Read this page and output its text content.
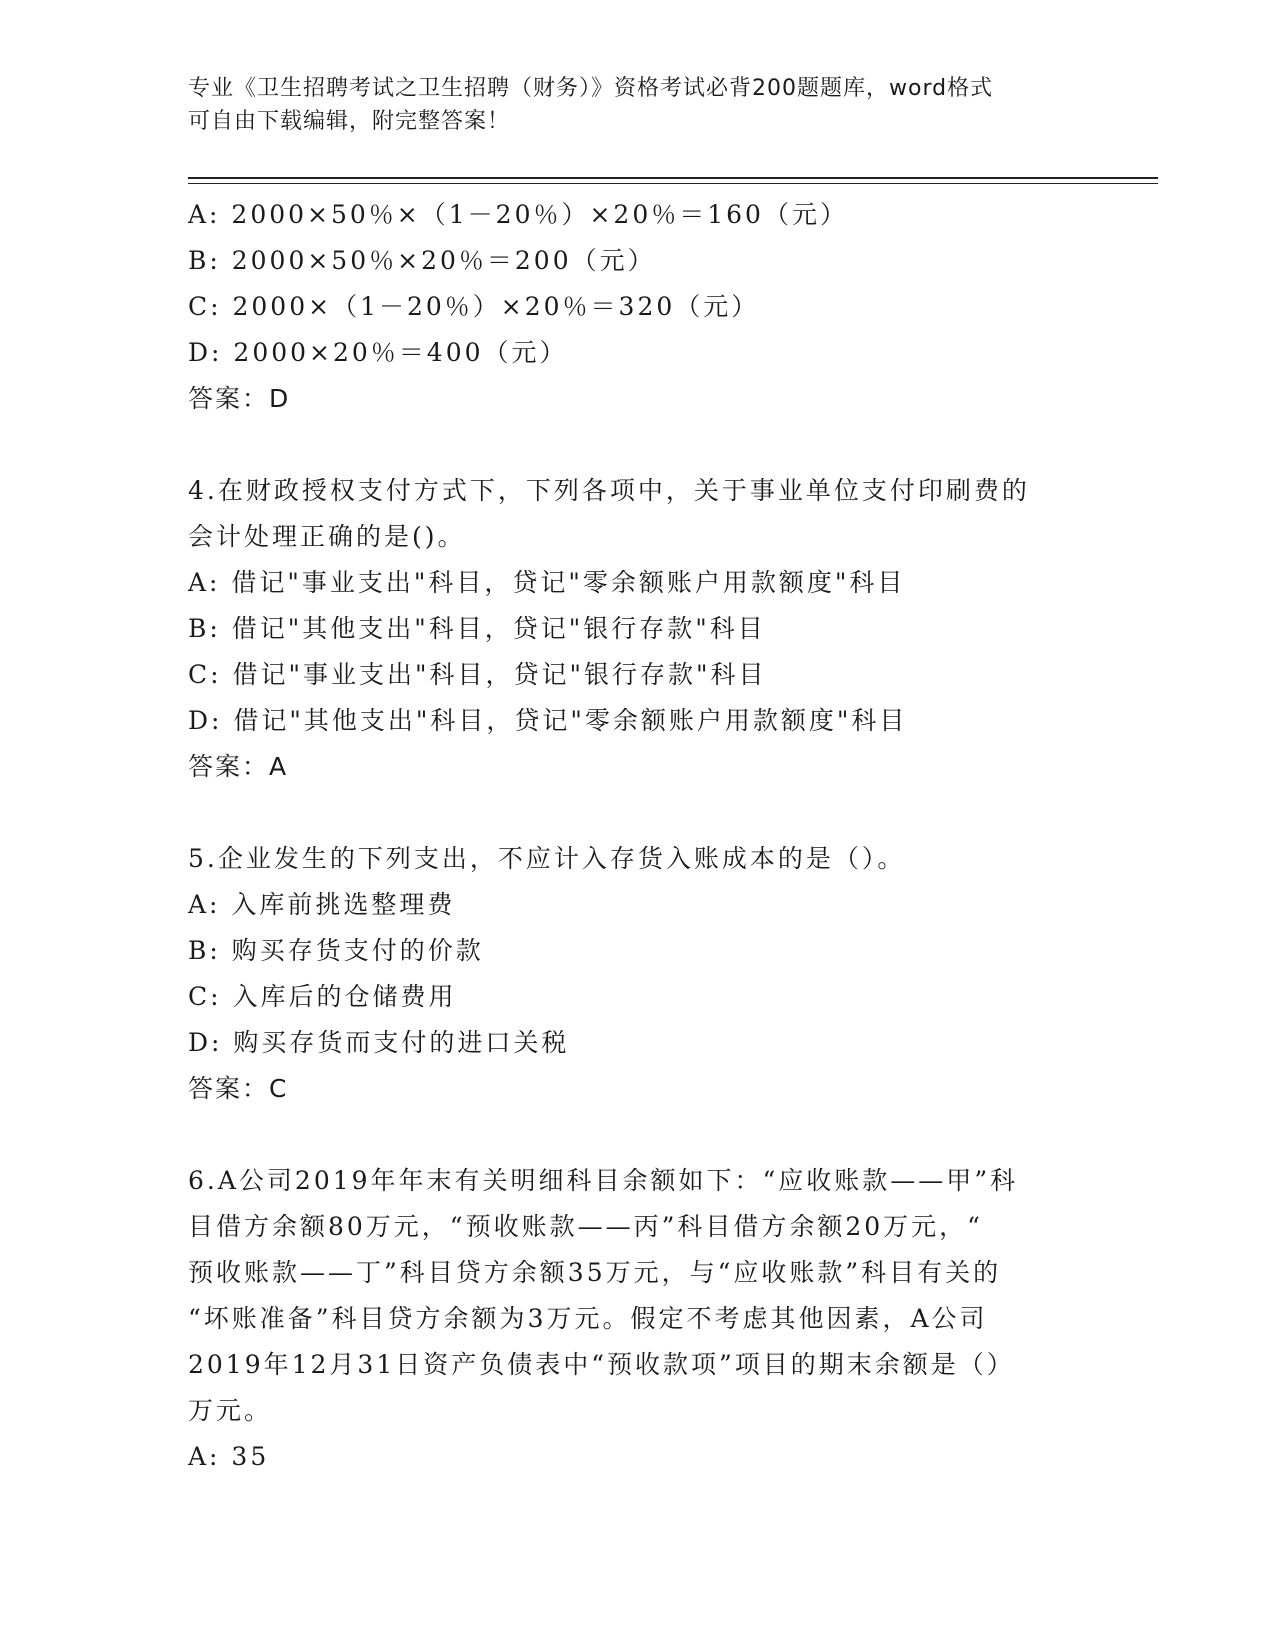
专业《卫生招聘考试之卫生招聘（财务）》资格考试必背200题题库，word格式
可自由下载编辑，附完整答案！
A: 2000×50％×（1－20％）×20％＝160（元）
B: 2000×50％×20％＝200（元）
C: 2000×（1－20％）×20％＝320（元）
D: 2000×20％＝400（元）
答案：D
4.在财政授权支付方式下，下列各项中，关于事业单位支付印刷费的
会计处理正确的是()。
A: 借记"事业支出"科目，贷记"零余额账户用款额度"科目
B: 借记"其他支出"科目，贷记"银行存款"科目
C: 借记"事业支出"科目，贷记"银行存款"科目
D: 借记"其他支出"科目，贷记"零余额账户用款额度"科目
答案：A
5.企业发生的下列支出，不应计入存货入账成本的是（）。
A: 入库前挑选整理费
B: 购买存货支付的价款
C: 入库后的仓储费用
D: 购买存货而支付的进口关税
答案：C
6.A公司2019年年末有关明细科目余额如下：“应收账款——甲”科
目借方余额80万元，“预收账款——丙”科目借方余额20万元，“
预收账款——丁”科目贷方余额35万元，与“应收账款”科目有关的
“坏账准备”科目贷方余额为3万元。假定不考虑其他因素，A公司
2019年12月31日资产负债表中“预收款项”项目的期末余额是（）
万元。
A: 35
